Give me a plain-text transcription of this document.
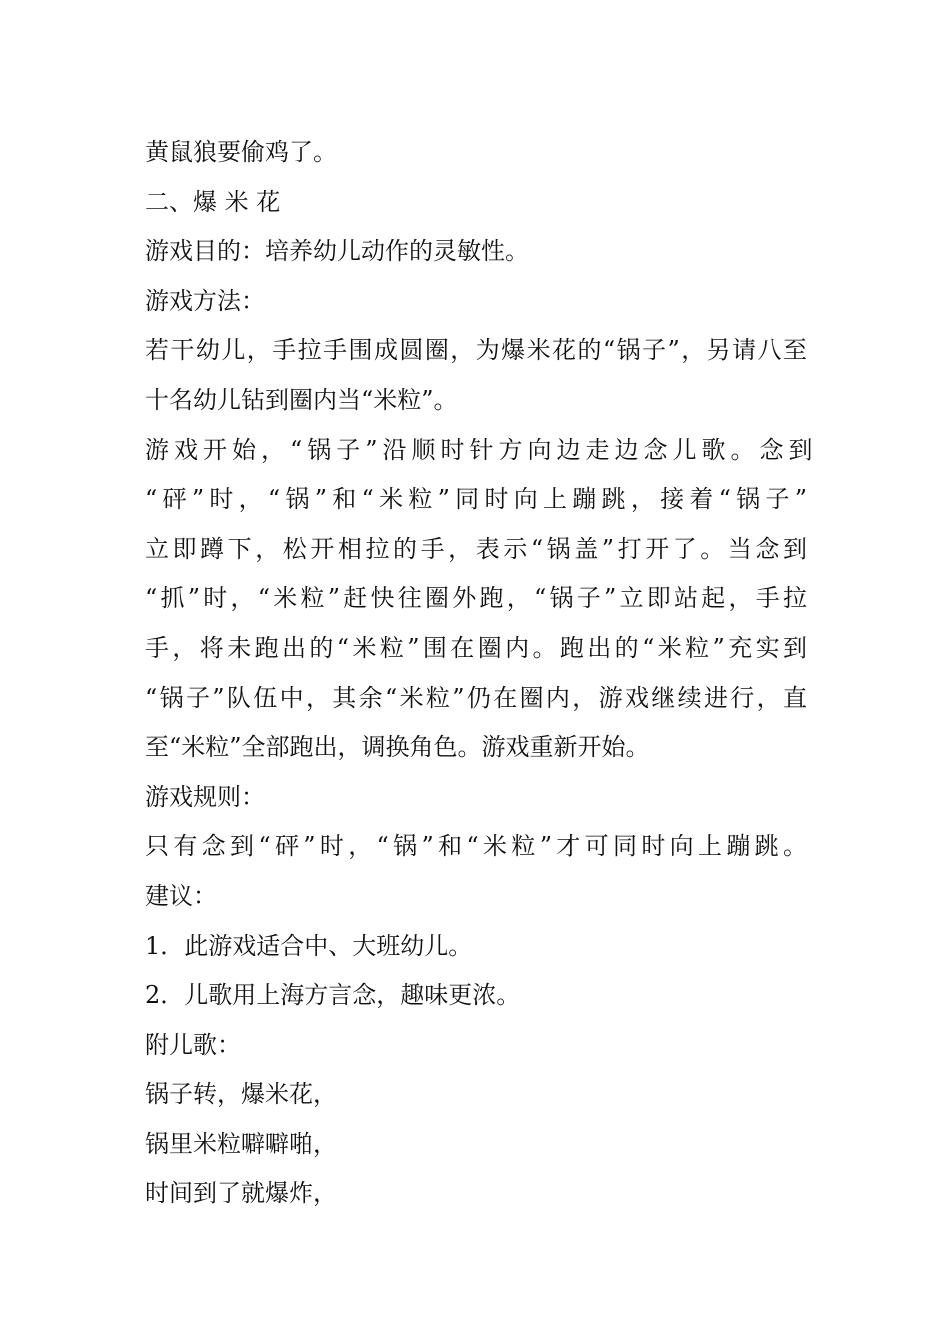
黄鼠狼要偷鸡了。
二、爆 米 花
游戏目的：培养幼儿动作的灵敏性。
游戏方法：
若干幼儿，手拉手围成圆圈，为爆米花的“锅子”，另请八至
十名幼儿钻到圈内当“米粒”。
游戏开始，“锅子”沿顺时针方向边走边念儿歌。念到
“砰”时，“锅”和“米粒”同时向上蹦跳，接着“锅子”
立即蹲下，松开相拉的手，表示“锅盖”打开了。当念到
“抓”时，“米粒”赶快往圈外跑，“锅子”立即站起，手拉
手，将未跑出的“米粒”围在圈内。跑出的“米粒”充实到
“锅子”队伍中，其余“米粒”仍在圈内，游戏继续进行，直
至“米粒”全部跑出，调换角色。游戏重新开始。
游戏规则：
只有念到“砰”时，“锅”和“米粒”才可同时向上蹦跳。
建议：
1．此游戏适合中、大班幼儿。
2．儿歌用上海方言念，趣味更浓。
附儿歌：
锅子转，爆米花，
锅里米粒噼噼啪，
时间到了就爆炸，
